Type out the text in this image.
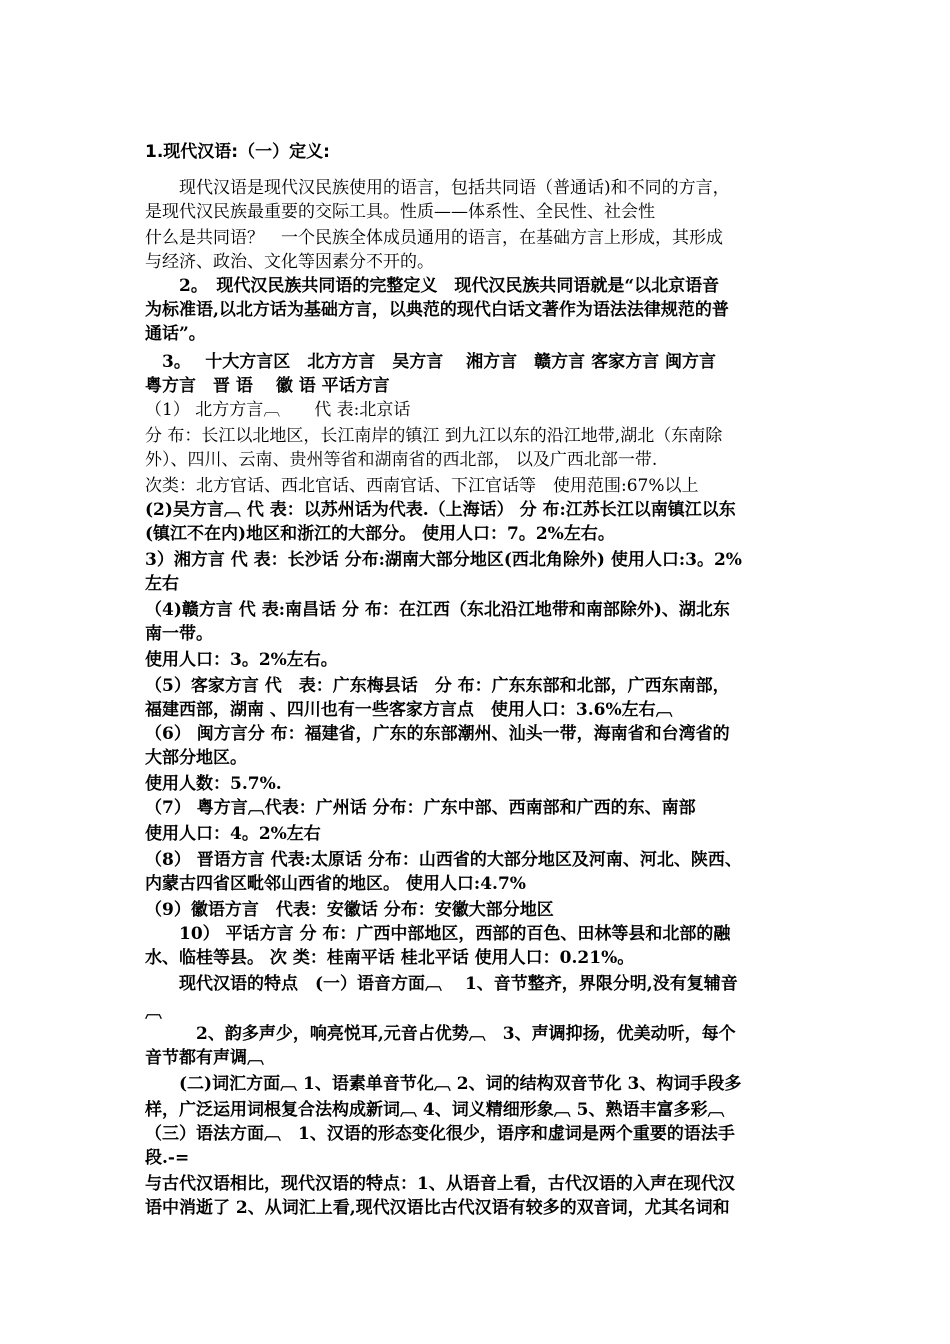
1.现代汉语:（一）定义:
　　现代汉语是现代汉民族使用的语言，包括共同语（普通话)和不同的方言，
是现代汉民族最重要的交际工具。性质——体系性、全民性、社会性
什么是共同语？　一个民族全体成员通用的语言，在基础方言上形成，其形成
与经济、政治、文化等因素分不开的。
　　2。　现代汉民族共同语的完整定义　现代汉民族共同语就是“以北京语音
为标准语,以北方话为基础方言，以典范的现代白话文著作为语法法律规范的普
通话”。
　3。　 十大方言区　北方方言　吴方言　 湘方言　赣方言 客家方言 闽方言
粤方言　晋 语　 徽 语 平话方言
（1） 北方方言︹　　代 表:北京话
分 布：长江以北地区，长江南岸的镇江 到九江以东的沿江地带,湖北（东南除
外）、四川、云南、贵州等省和湖南省的西北部， 以及广西北部一带.
次类：北方官话、西北官话、西南官话、下江官话等　使用范围:67%以上
(2)吴方言︹ 代 表：以苏州话为代表.（上海话） 分 布:江苏长江以南镇江以东
(镇江不在内)地区和浙江的大部分。 使用人口：7。2%左右。
3）湘方言 代 表：长沙话 分布:湖南大部分地区(西北角除外) 使用人口:3。2%
左右
（4)赣方言 代 表:南昌话 分 布：在江西（东北沿江地带和南部除外)、湖北东
南一带。
使用人口：3。2%左右。
（5）客家方言 代　表：广东梅县话　分 布：广东东部和北部，广西东南部，
福建西部，湖南 、四川也有一些客家方言点　使用人口：3.6%左右︹
（6） 闽方言分 布：福建省，广东的东部潮州、汕头一带，海南省和台湾省的
大部分地区。
使用人数：5.7%.
（7） 粤方言︹代表：广州话 分布：广东中部、西南部和广西的东、南部
使用人口：4。2%左右
（8） 晋语方言 代表:太原话 分布：山西省的大部分地区及河南、河北、陕西、
内蒙古四省区毗邻山西省的地区。 使用人口:4.7%
（9）徽语方言　代表：安徽话 分布：安徽大部分地区
　　10） 平话方言 分 布：广西中部地区，西部的百色、田林等县和北部的融
水、临桂等县。 次 类：桂南平话 桂北平话 使用人口：0.21%。
　　现代汉语的特点　(一）语音方面︹　 1、音节整齐，界限分明,没有复辅音
︹
　　　2、韵多声少，响亮悦耳,元音占优势︹　3、声调抑扬，优美动听，每个
音节都有声调︹
　　(二)词汇方面︹ 1、语素单音节化︹ 2、词的结构双音节化 3、构词手段多
样，广泛运用词根复合法构成新词︹ 4、词义精细形象︹ 5、熟语丰富多彩︹
（三）语法方面︹　1、汉语的形态变化很少，语序和虚词是两个重要的语法手
段.-=
与古代汉语相比，现代汉语的特点：1、从语音上看，古代汉语的入声在现代汉
语中消逝了 2、从词汇上看,现代汉语比古代汉语有较多的双音词，尤其名词和
